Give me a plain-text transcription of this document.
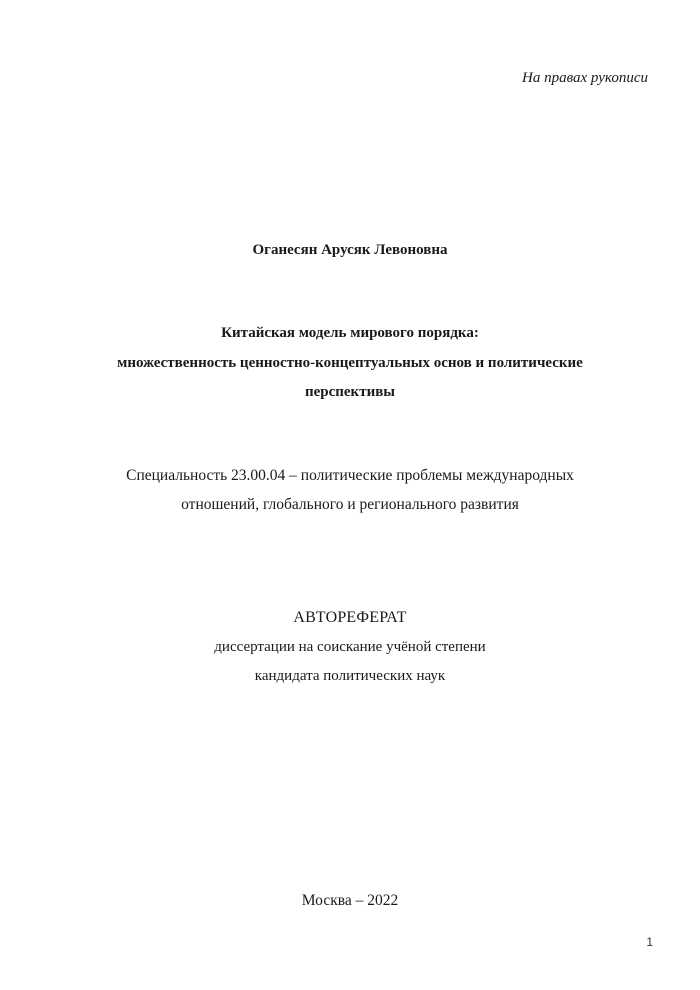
На правах рукописи
Оганесян Арусяк Левоновна
Китайская модель мирового порядка:
множественность ценностно-концептуальных основ и политические
перспективы
Специальность 23.00.04 – политические проблемы международных
отношений, глобального и регионального развития
АВТОРЕФЕРАТ
диссертации на соискание учёной степени
кандидата политических наук
Москва – 2022
1
